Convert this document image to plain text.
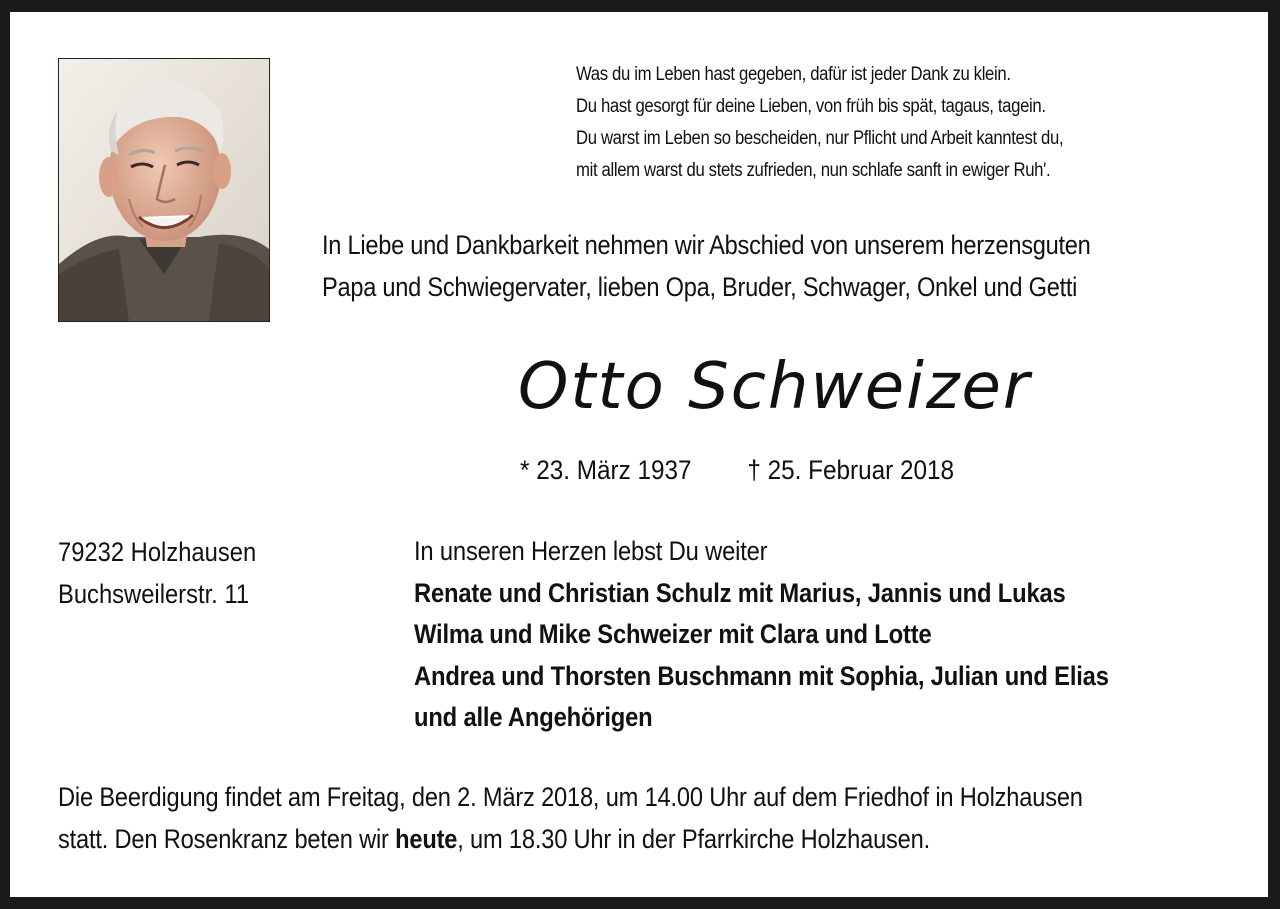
Was du im Leben hast gegeben, dafür ist jeder Dank zu klein.
Du hast gesorgt für deine Lieben, von früh bis spät, tagaus, tagein.
Du warst im Leben so bescheiden, nur Pflicht und Arbeit kanntest du,
mit allem warst du stets zufrieden, nun schlafe sanft in ewiger Ruh'.
In Liebe und Dankbarkeit nehmen wir Abschied von unserem herzensguten
Papa und Schwiegervater, lieben Opa, Bruder, Schwager, Onkel und Getti
Otto Schweizer
* 23. März 1937 † 25. Februar 2018
79232 Holzhausen
Buchsweilerstr. 11
In unseren Herzen lebst Du weiter
Renate und Christian Schulz mit Marius, Jannis und Lukas
Wilma und Mike Schweizer mit Clara und Lotte
Andrea und Thorsten Buschmann mit Sophia, Julian und Elias
und alle Angehörigen
Die Beerdigung findet am Freitag, den 2. März 2018, um 14.00 Uhr auf dem Friedhof in Holzhausen
statt. Den Rosenkranz beten wir heute, um 18.30 Uhr in der Pfarrkirche Holzhausen.
